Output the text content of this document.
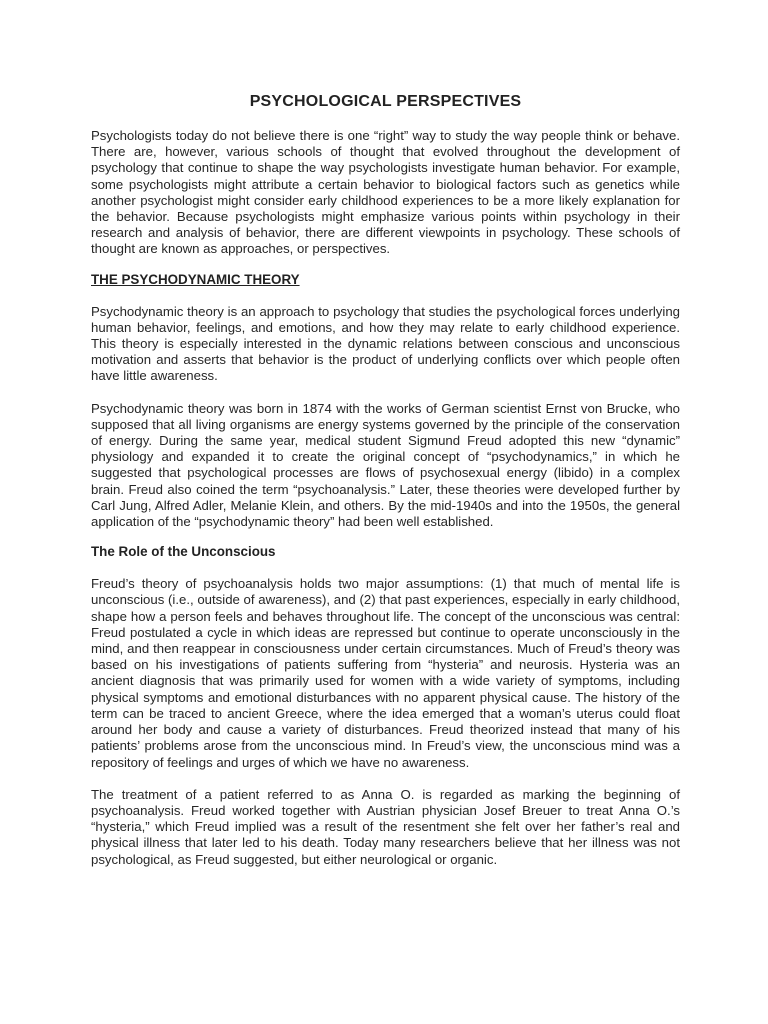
PSYCHOLOGICAL PERSPECTIVES

Psychologists today do not believe there is one “right” way to study the way people think or behave. There are, however, various schools of thought that evolved throughout the development of psychology that continue to shape the way psychologists investigate human behavior. For example, some psychologists might attribute a certain behavior to biological factors such as genetics while another psychologist might consider early childhood experiences to be a more likely explanation for the behavior. Because psychologists might emphasize various points within psychology in their research and analysis of behavior, there are different viewpoints in psychology. These schools of thought are known as approaches, or perspectives.

THE PSYCHODYNAMIC THEORY

Psychodynamic theory is an approach to psychology that studies the psychological forces underlying human behavior, feelings, and emotions, and how they may relate to early childhood experience. This theory is especially interested in the dynamic relations between conscious and unconscious motivation and asserts that behavior is the product of underlying conflicts over which people often have little awareness.

Psychodynamic theory was born in 1874 with the works of German scientist Ernst von Brucke, who supposed that all living organisms are energy systems governed by the principle of the conservation of energy. During the same year, medical student Sigmund Freud adopted this new “dynamic” physiology and expanded it to create the original concept of “psychodynamics,” in which he suggested that psychological processes are flows of psychosexual energy (libido) in a complex brain. Freud also coined the term “psychoanalysis.” Later, these theories were developed further by Carl Jung, Alfred Adler, Melanie Klein, and others. By the mid-1940s and into the 1950s, the general application of the “psychodynamic theory” had been well established.

The Role of the Unconscious

Freud’s theory of psychoanalysis holds two major assumptions: (1) that much of mental life is unconscious (i.e., outside of awareness), and (2) that past experiences, especially in early childhood, shape how a person feels and behaves throughout life. The concept of the unconscious was central: Freud postulated a cycle in which ideas are repressed but continue to operate unconsciously in the mind, and then reappear in consciousness under certain circumstances. Much of Freud’s theory was based on his investigations of patients suffering from “hysteria” and neurosis. Hysteria was an ancient diagnosis that was primarily used for women with a wide variety of symptoms, including physical symptoms and emotional disturbances with no apparent physical cause. The history of the term can be traced to ancient Greece, where the idea emerged that a woman’s uterus could float around her body and cause a variety of disturbances. Freud theorized instead that many of his patients’ problems arose from the unconscious mind. In Freud’s view, the unconscious mind was a repository of feelings and urges of which we have no awareness.

The treatment of a patient referred to as Anna O. is regarded as marking the beginning of psychoanalysis. Freud worked together with Austrian physician Josef Breuer to treat Anna O.’s “hysteria,” which Freud implied was a result of the resentment she felt over her father’s real and physical illness that later led to his death. Today many researchers believe that her illness was not psychological, as Freud suggested, but either neurological or organic.
